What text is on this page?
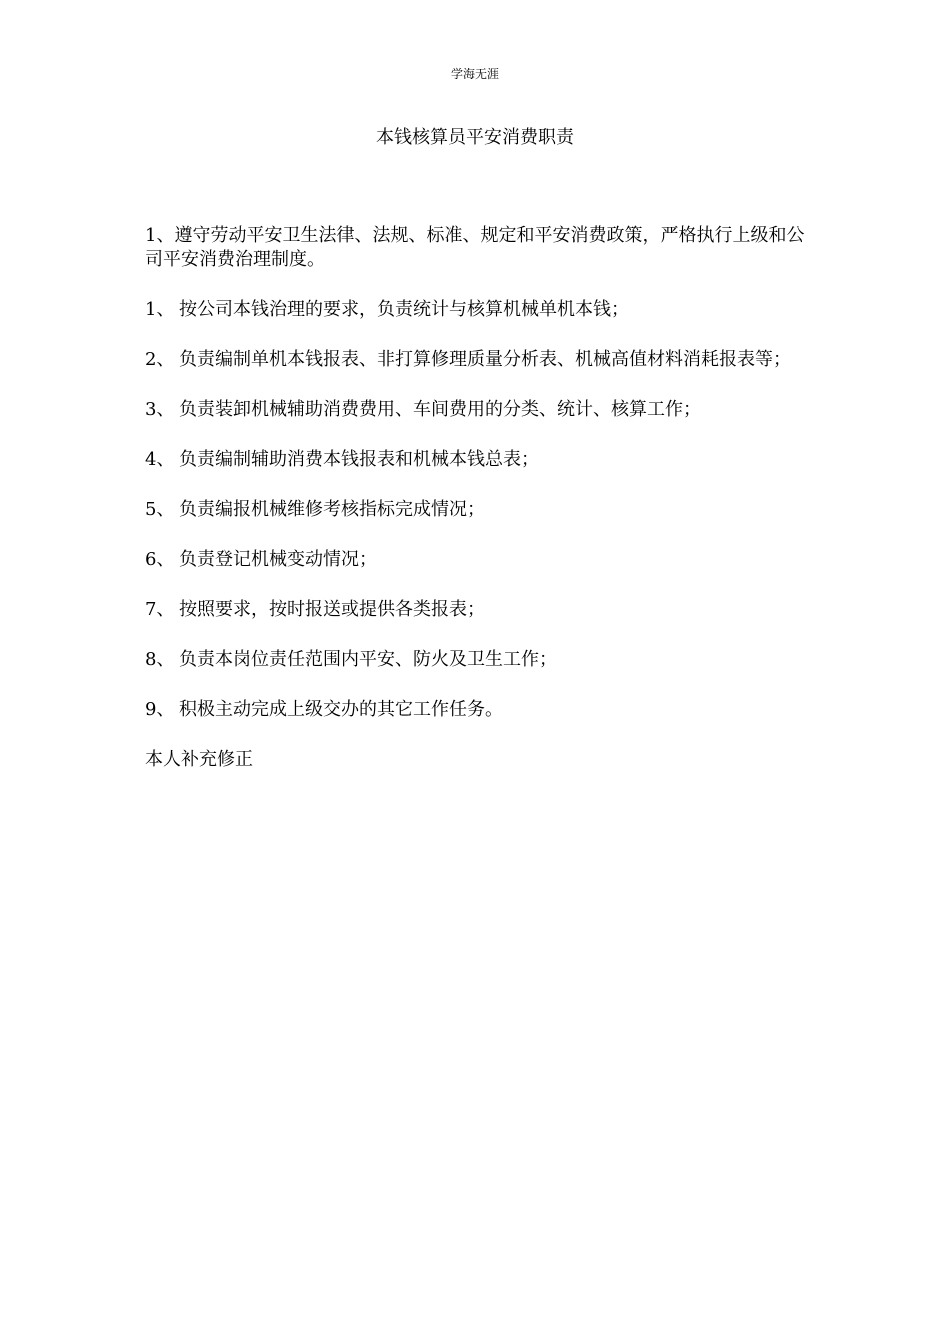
学海无涯
本钱核算员平安消费职责

1、遵守劳动平安卫生法律、法规、标准、规定和平安消费政策，严格执行上级和公司平安消费治理制度。

1、 按公司本钱治理的要求，负责统计与核算机械单机本钱；

2、 负责编制单机本钱报表、非打算修理质量分析表、机械高值材料消耗报表等；

3、 负责装卸机械辅助消费费用、车间费用的分类、统计、核算工作；

4、 负责编制辅助消费本钱报表和机械本钱总表；

5、 负责编报机械维修考核指标完成情况；

6、 负责登记机械变动情况；

7、 按照要求，按时报送或提供各类报表；

8、 负责本岗位责任范围内平安、防火及卫生工作；

9、 积极主动完成上级交办的其它工作任务。

本人补充修正
